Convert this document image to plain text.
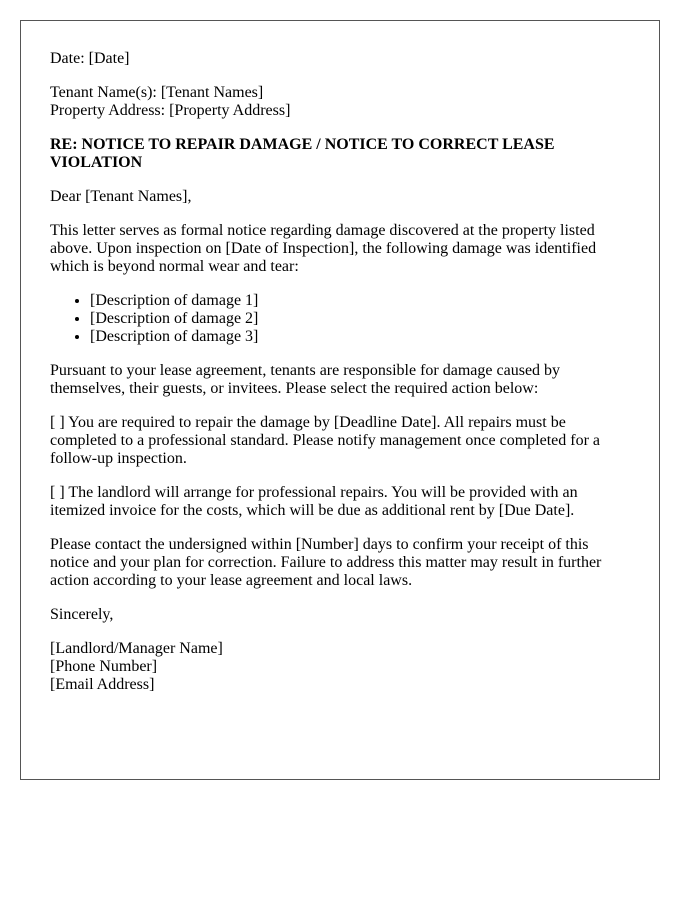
Date: [Date]

Tenant Name(s): [Tenant Names]
Property Address: [Property Address]

RE: NOTICE TO REPAIR DAMAGE / NOTICE TO CORRECT LEASE VIOLATION

Dear [Tenant Names],

This letter serves as formal notice regarding damage discovered at the property listed above. Upon inspection on [Date of Inspection], the following damage was identified which is beyond normal wear and tear:

• [Description of damage 1]
• [Description of damage 2]
• [Description of damage 3]

Pursuant to your lease agreement, tenants are responsible for damage caused by themselves, their guests, or invitees. Please select the required action below:

[ ] You are required to repair the damage by [Deadline Date]. All repairs must be completed to a professional standard. Please notify management once completed for a follow-up inspection.

[ ] The landlord will arrange for professional repairs. You will be provided with an itemized invoice for the costs, which will be due as additional rent by [Due Date].

Please contact the undersigned within [Number] days to confirm your receipt of this notice and your plan for correction. Failure to address this matter may result in further action according to your lease agreement and local laws.

Sincerely,

[Landlord/Manager Name]
[Phone Number]
[Email Address]
